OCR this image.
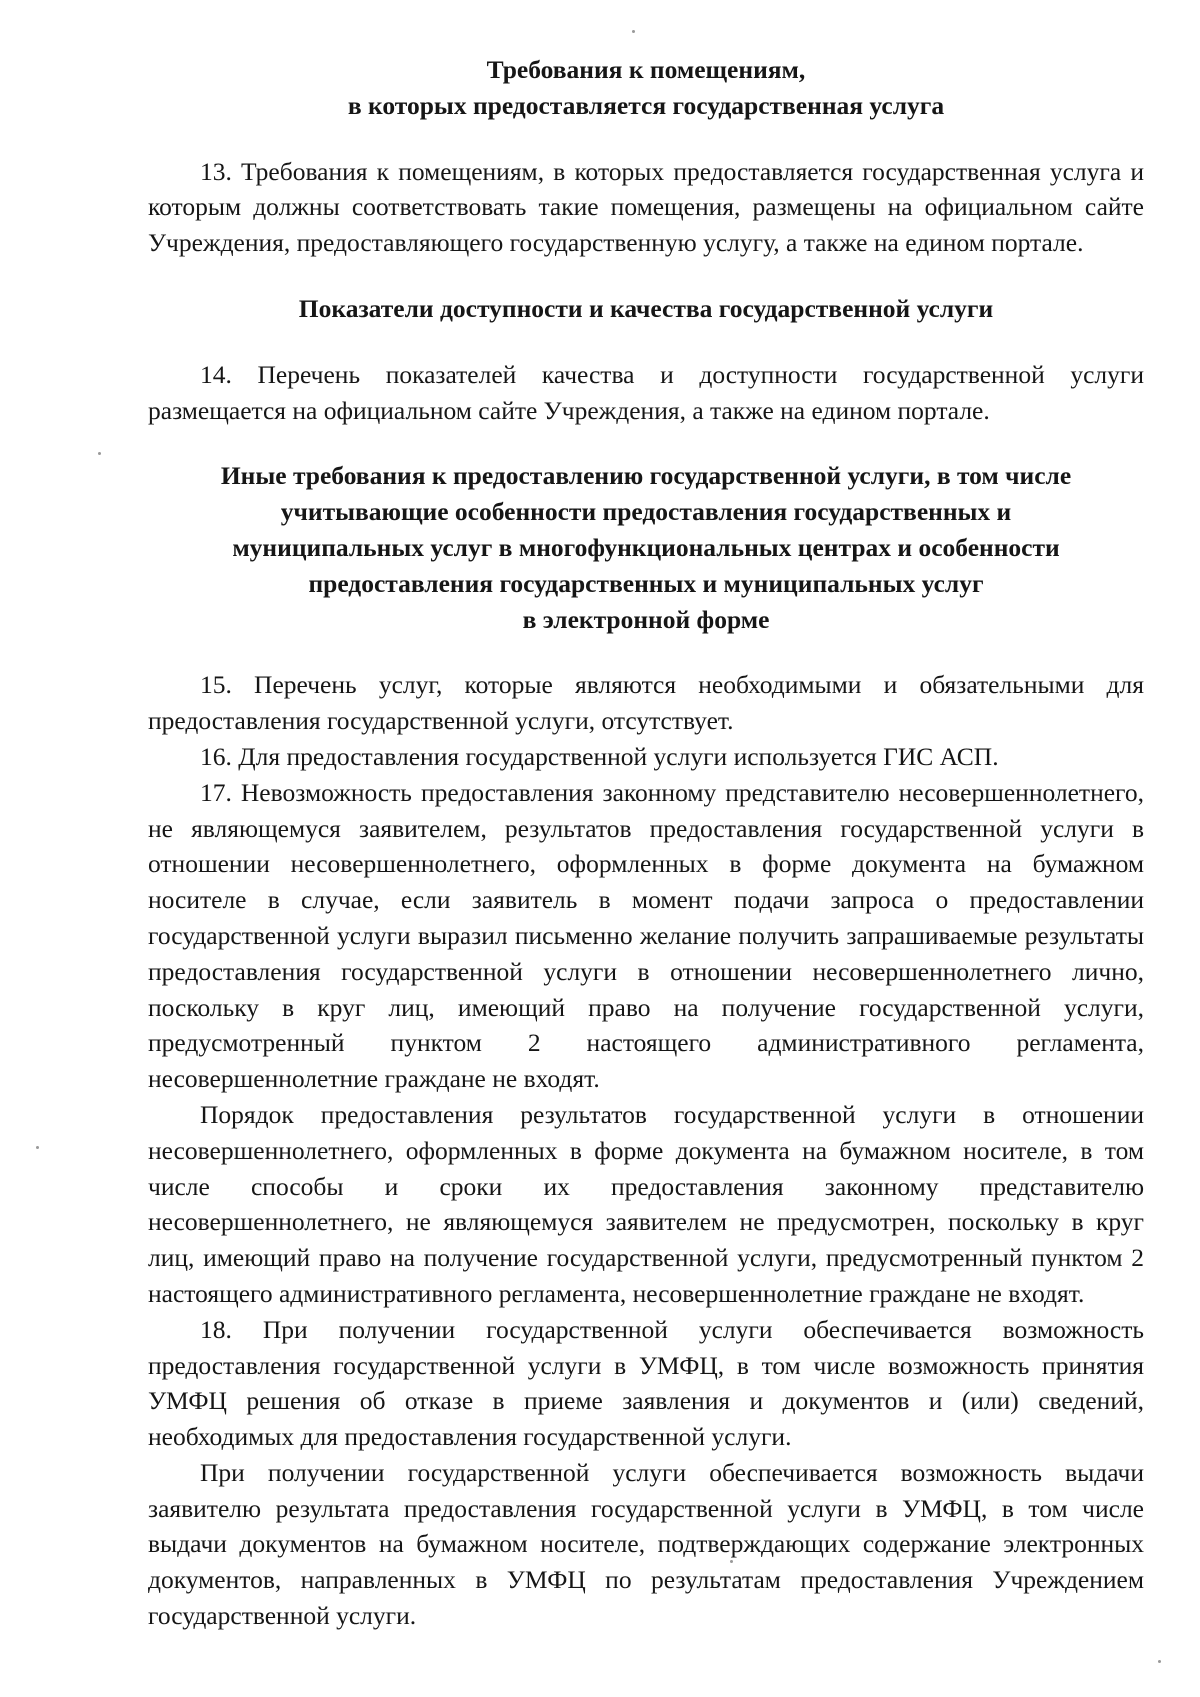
Требования к помещениям,
в которых предоставляется государственная услуга

13. Требования к помещениям, в которых предоставляется государственная услуга и которым должны соответствовать такие помещения, размещены на официальном сайте Учреждения, предоставляющего государственную услугу, а также на едином портале.

Показатели доступности и качества государственной услуги

14. Перечень показателей качества и доступности государственной услуги размещается на официальном сайте Учреждения, а также на едином портале.

Иные требования к предоставлению государственной услуги, в том числе
учитывающие особенности предоставления государственных и
муниципальных услуг в многофункциональных центрах и особенности
предоставления государственных и муниципальных услуг
в электронной форме

15. Перечень услуг, которые являются необходимыми и обязательными для предоставления государственной услуги, отсутствует.

16. Для предоставления государственной услуги используется ГИС АСП.

17. Невозможность предоставления законному представителю несовершеннолетнего, не являющемуся заявителем, результатов предоставления государственной услуги в отношении несовершеннолетнего, оформленных в форме документа на бумажном носителе в случае, если заявитель в момент подачи запроса о предоставлении государственной услуги выразил письменно желание получить запрашиваемые результаты предоставления государственной услуги в отношении несовершеннолетнего лично, поскольку в круг лиц, имеющий право на получение государственной услуги, предусмотренный пунктом 2 настоящего административного регламента, несовершеннолетние граждане не входят.

Порядок предоставления результатов государственной услуги в отношении несовершеннолетнего, оформленных в форме документа на бумажном носителе, в том числе способы и сроки их предоставления законному представителю несовершеннолетнего, не являющемуся заявителем не предусмотрен, поскольку в круг лиц, имеющий право на получение государственной услуги, предусмотренный пунктом 2 настоящего административного регламента, несовершеннолетние граждане не входят.

18. При получении государственной услуги обеспечивается возможность предоставления государственной услуги в УМФЦ, в том числе возможность принятия УМФЦ решения об отказе в приеме заявления и документов и (или) сведений, необходимых для предоставления государственной услуги.

При получении государственной услуги обеспечивается возможность выдачи заявителю результата предоставления государственной услуги в УМФЦ, в том числе выдачи документов на бумажном носителе, подтверждающих содержание электронных документов, направленных в УМФЦ по результатам предоставления Учреждением государственной услуги.
